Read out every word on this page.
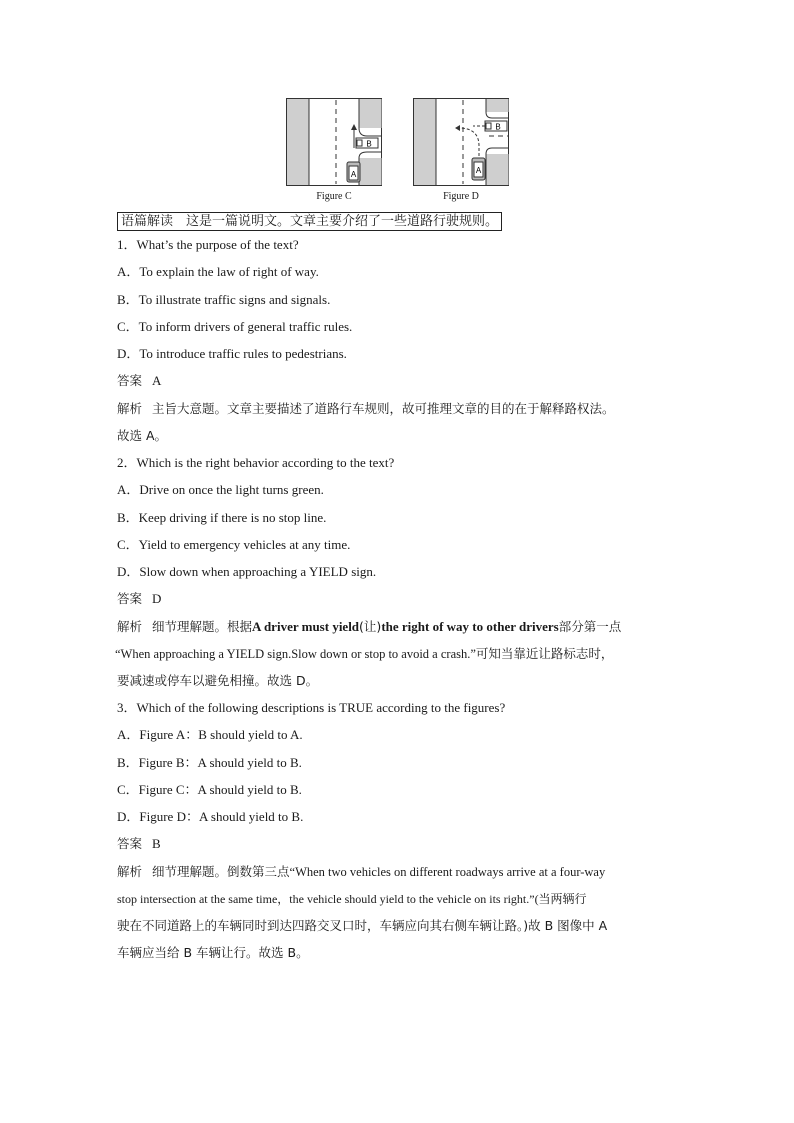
B
A
Figure C
B
A
Figure D
语篇解读　这是一篇说明文。文章主要介绍了一些道路行驶规则。
1．What’s the purpose of the text?
A．To explain the law of right of way.
B．To illustrate traffic signs and signals.
C．To inform drivers of general traffic rules.
D．To introduce traffic rules to pedestrians.
答案 A
解析 主旨大意题。文章主要描述了道路行车规则，故可推理文章的目的在于解释路权法。
故选 A。
2．Which is the right behavior according to the text?
A．Drive on once the light turns green.
B．Keep driving if there is no stop line.
C．Yield to emergency vehicles at any time.
D．Slow down when approaching a YIELD sign.
答案 D
解析 细节理解题。根据A driver must yield(让)the right of way to other drivers部分第一点
“When approaching a YIELD sign.Slow down or stop to avoid a crash.”可知当靠近让路标志时，
要减速或停车以避免相撞。故选 D。
3．Which of the following descriptions is TRUE according to the figures?
A．Figure A：B should yield to A.
B．Figure B：A should yield to B.
C．Figure C：A should yield to B.
D．Figure D：A should yield to B.
答案 B
解析 细节理解题。倒数第三点“When two vehicles on different roadways arrive at a four-way
stop intersection at the same time，the vehicle should yield to the vehicle on its right.”(当两辆行
驶在不同道路上的车辆同时到达四路交叉口时，车辆应向其右侧车辆让路。)故 B 图像中 A
车辆应当给 B 车辆让行。故选 B。
